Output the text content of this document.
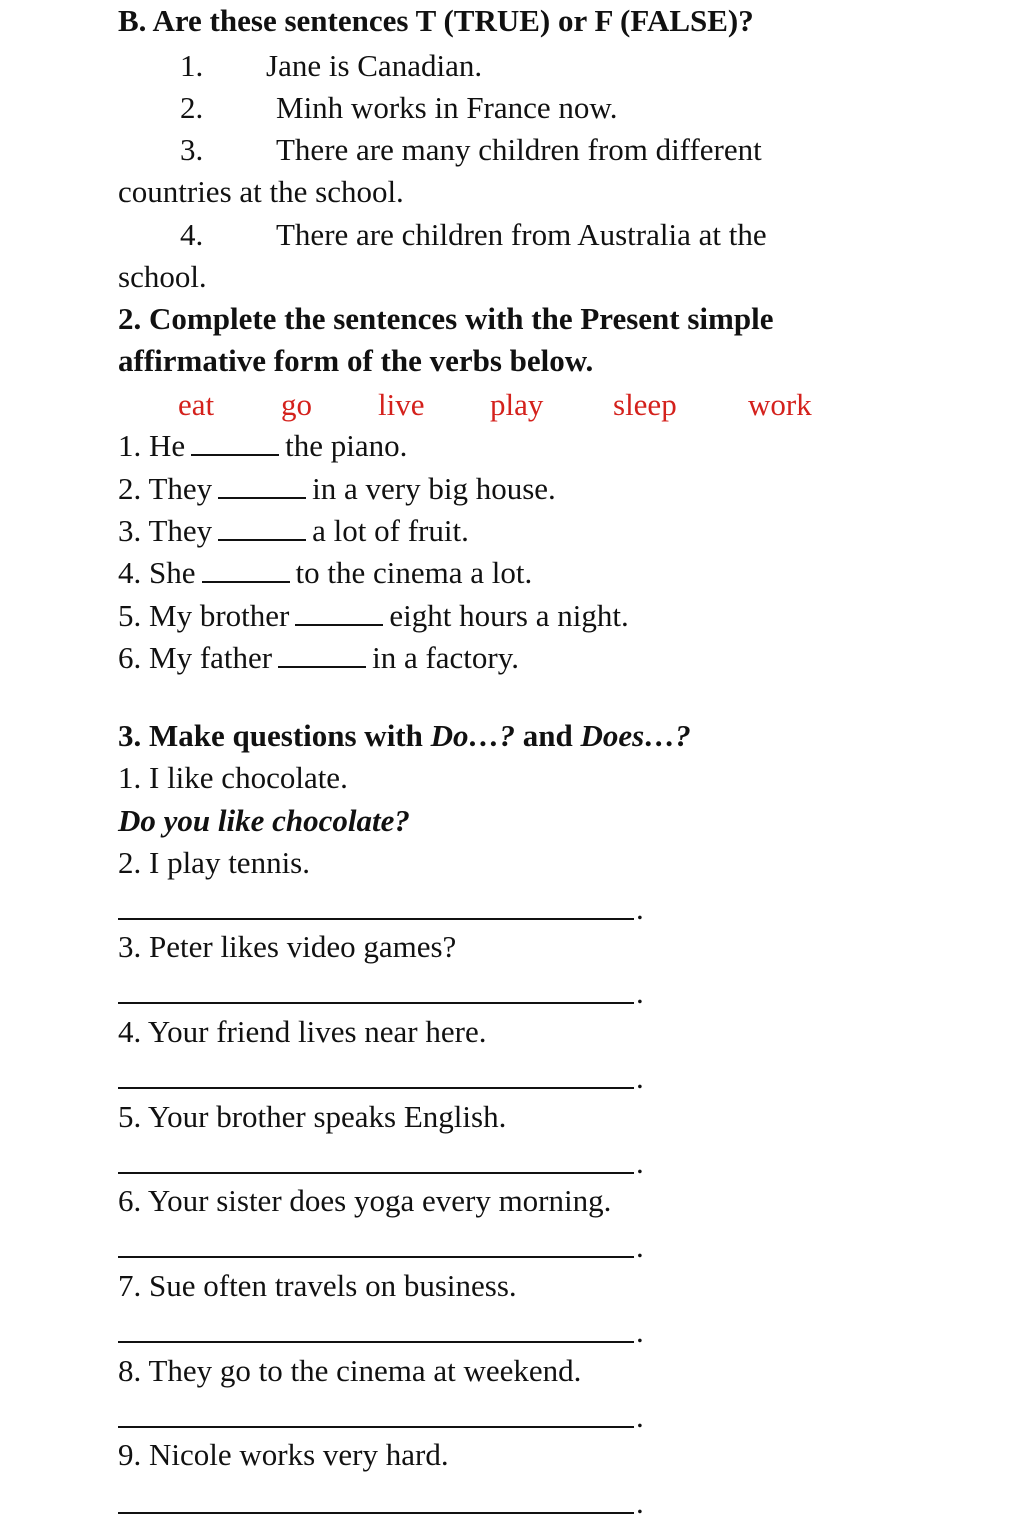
B. Are these sentences T (TRUE) or F (FALSE)?
1. Jane is Canadian.
2. Minh works in France now.
3. There are many children from different
countries at the school.
4. There are children from Australia at the
school.
2. Complete the sentences with the Present simple
affirmative form of the verbs below.
eat go live play sleep work
1. He	the piano.
2. They	in a very big house.
3. They	a lot of fruit.
4. She	to the cinema a lot.
5. My brother	eight hours a night.
6. My father	in a factory.
3. Make questions with Do…? and Does…?
1. I like chocolate.
Do you like chocolate?
2. I play tennis.
.
3. Peter likes video games?
.
4. Your friend lives near here.
.
5. Your brother speaks English.
.
6. Your sister does yoga every morning.
.
7. Sue often travels on business.
.
8. They go to the cinema at weekend.
.
9. Nicole works very hard.
.
